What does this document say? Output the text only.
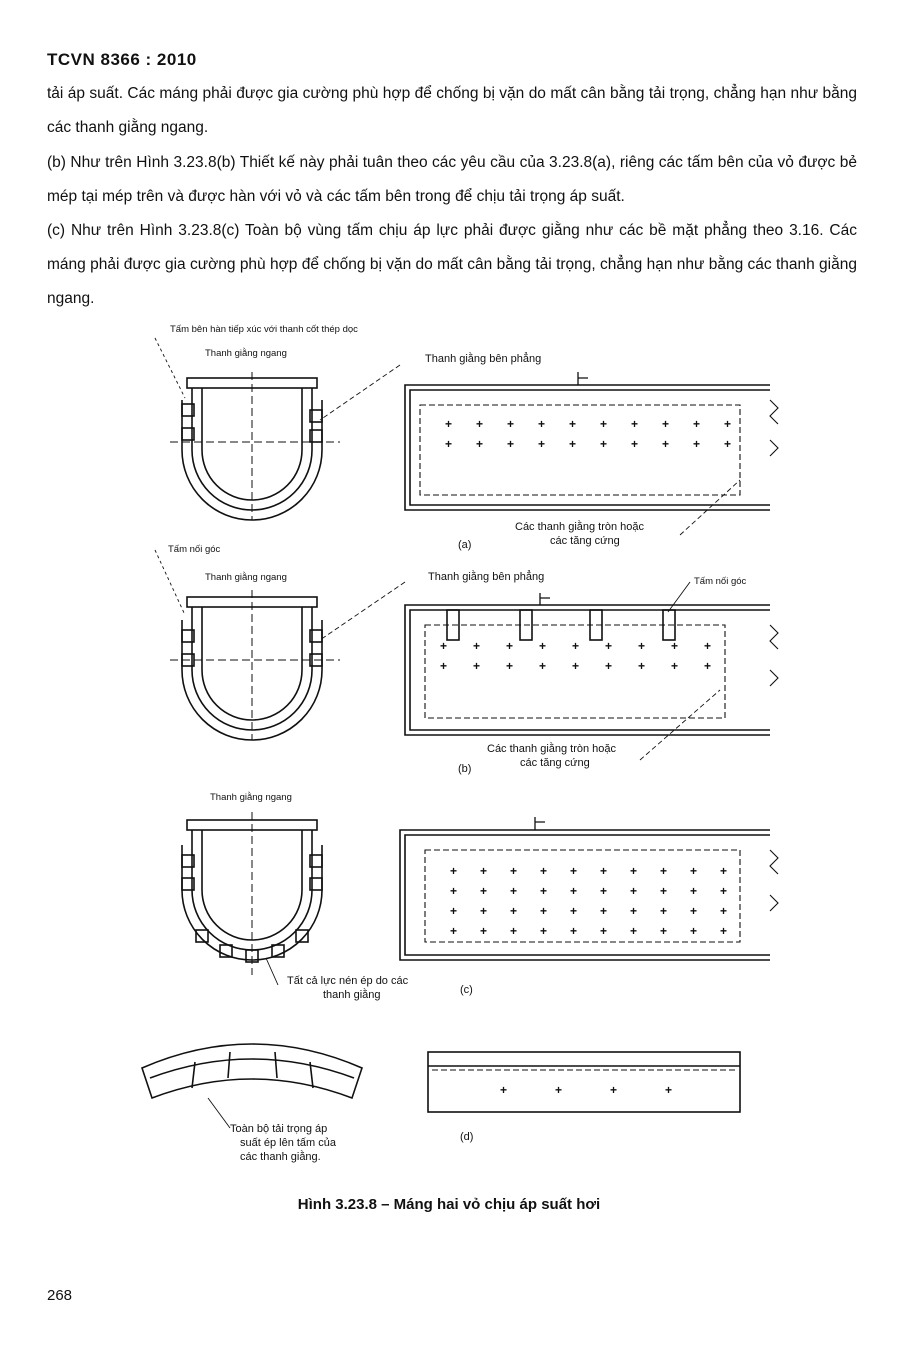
TCVN 8366 : 2010
tải áp suất. Các máng phải được gia cường phù hợp để chống bị vặn do mất cân bằng tải trọng, chẳng hạn như bằng các thanh giằng ngang.
(b) Như trên Hình 3.23.8(b) Thiết kế này phải tuân theo các yêu cầu của 3.23.8(a), riêng các tấm bên của vỏ được bẻ mép tại mép trên và được hàn với vỏ và các tấm bên trong để chịu tải trọng áp suất.
(c) Như trên Hình 3.23.8(c) Toàn bộ vùng tấm chịu áp lực phải được giằng như các bề mặt phẳng theo 3.16. Các máng phải được gia cường phù hợp để chống bị vặn do mất cân bằng tải trọng, chẳng hạn như bằng các thanh giằng ngang.
+ + + + + + + + + +
+ + + + + + + + + +
+ + + + + + + + +
+ + + + + + + + +
+ + + + + + + + + +
+ + + + + + + + + +
+ + + + + + + + + +
+ + + + + + + + + +
+	+	+	+
Tấm bên hàn tiếp xúc với thanh cốt thép dọc
Thanh giằng ngang	Thanh giằng bên phẳng
Các thanh giằng tròn hoặc
các tăng cứng
(a)
Tấm nối góc
Thanh giằng ngang	Thanh giằng bên phẳng	Tấm nối góc
Các thanh giằng tròn hoặc
các tăng cứng
(b)
Thanh giằng ngang
Tất cả lực nén ép do các
thanh giằng	(c)
Toàn bộ tải trọng áp
suất ép lên tấm của
các thanh giằng.
(d)
Hình 3.23.8 – Máng hai vỏ chịu áp suất hơi
268
